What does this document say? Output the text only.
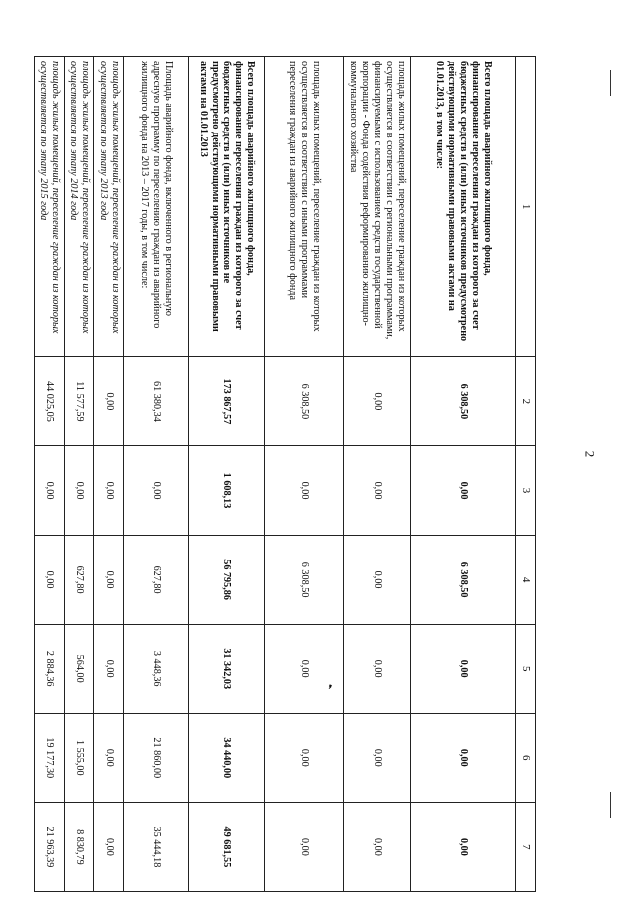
2
❜
1	2	3	4	5	6	7
Всего площадь аварийного жилищного фонда, финансирование переселения граждан из которого за счет бюджетных средств и (или) иных источников предусмотрено действующими нормативными правовыми актами на 01.01.2013, в том числе:	6 308,50	0,00	6 308,50	0,00	0,00	0,00
площадь жилых помещений, переселение граждан из которых осуществляется в соответствии с региональными программами, финансируемыми с использованием средств государственной корпорации - Фонда содействия реформированию жилищно-коммунального хозяйства	0,00	0,00	0,00	0,00	0,00	0,00
площадь жилых помещений, переселение граждан из которых осуществляется в соответствии с иными программами переселения граждан из аварийного жилищного фонда	6 308,50	0,00	6 308,50	0,00	0,00	0,00
Всего площадь аварийного жилищного фонда, финансирование переселения граждан из которого за счет бюджетных средств и (или) иных источников не предусмотрено действующими нормативными правовыми актами на 01.01.2013	173 867,57	1 608,13	56 795,86	31 342,03	34 440,00	49 681,55
Площадь аварийного фонда, включенного в региональную адресную программу по переселению граждан из аварийного жилищного фонда на 2013 – 2017 годы, в том числе:	61 380,34	0,00	627,80	3 448,36	21 860,00	35 444,18
площадь жилых помещений, переселение граждан из которых осуществляется по этапу 2013 года	0,00	0,00	0,00	0,00	0,00	0,00
площадь жилых помещений, переселение граждан из которых осуществляется по этапу 2014 года	11 577,59	0,00	627,80	564,00	1 555,00	8 830,79
площадь жилых помещений, переселение граждан из которых осуществляется по этапу 2015 года	44 025,05	0,00	0,00	2 884,36	19 177,30	21 963,39
